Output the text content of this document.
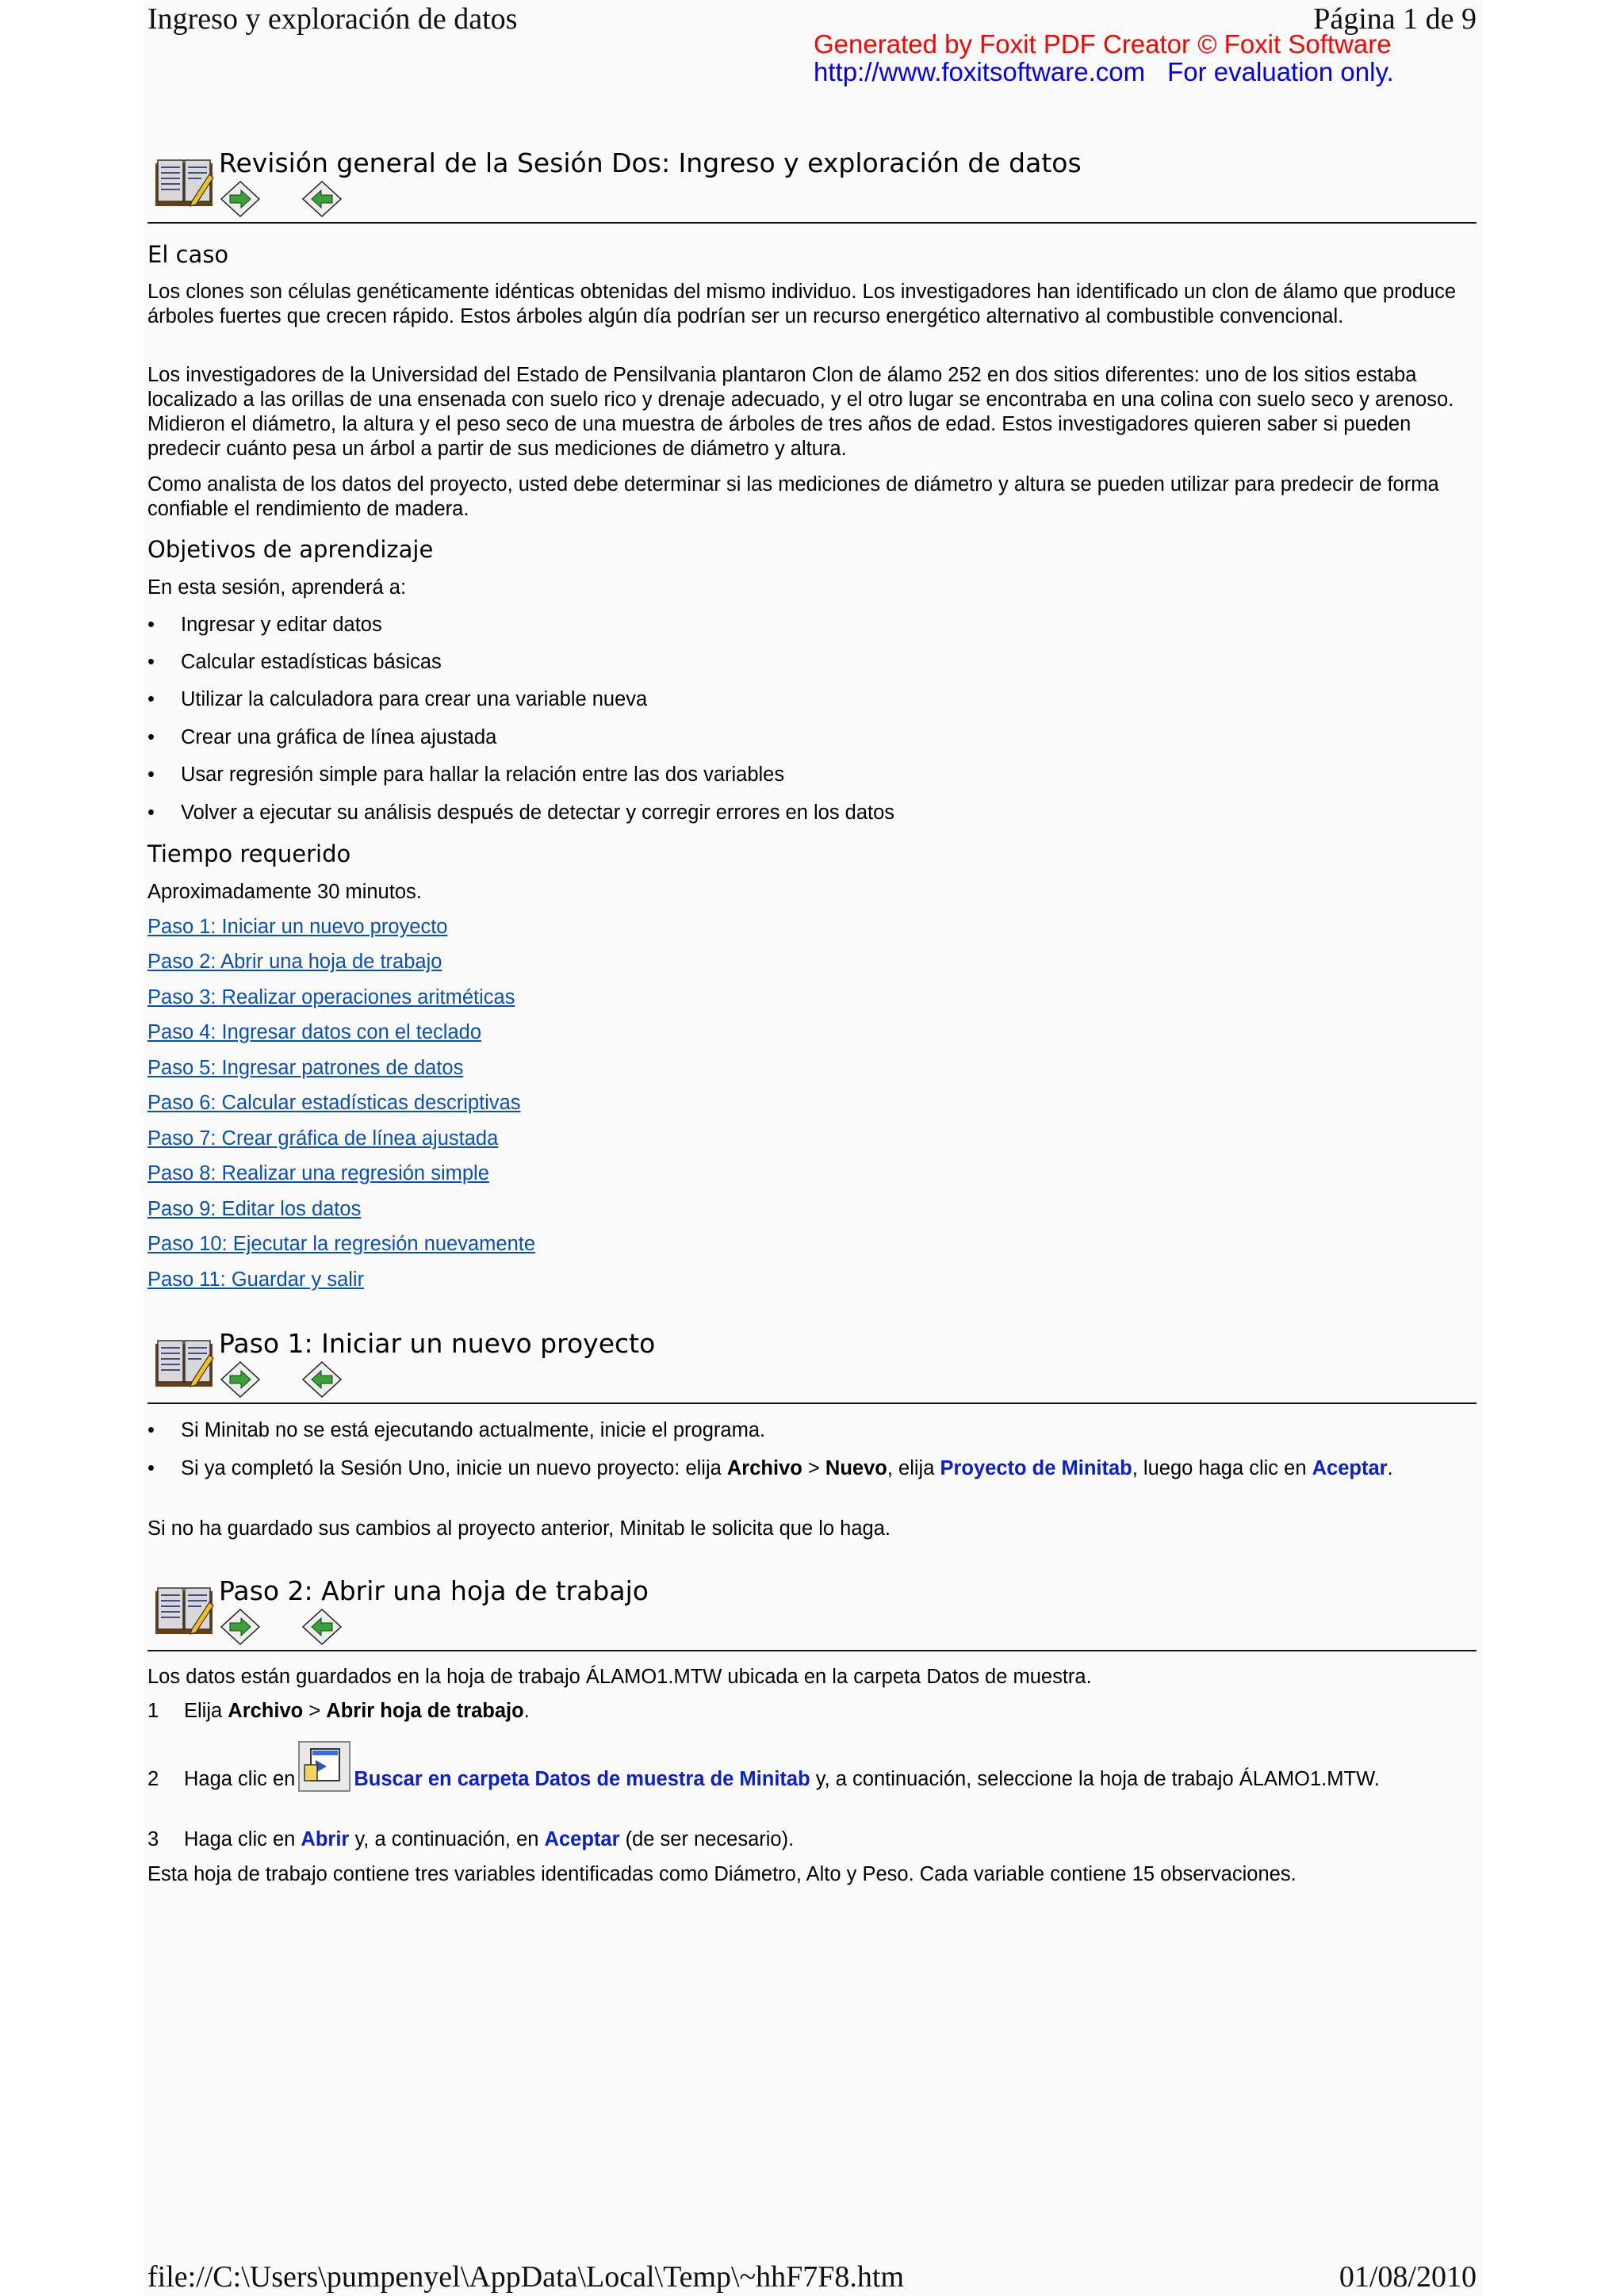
Ingreso y exploración de datos	Página 1 de 9
Generated by Foxit PDF Creator © Foxit Software
http://www.foxitsoftware.com For evaluation only.
Revisión general de la Sesión Dos: Ingreso y exploración de datos
El caso
Los clones son células genéticamente idénticas obtenidas del mismo individuo. Los investigadores han identificado un clon de álamo que produce árboles fuertes que crecen rápido. Estos árboles algún día podrían ser un recurso energético alternativo al combustible convencional.
Los investigadores de la Universidad del Estado de Pensilvania plantaron Clon de álamo 252 en dos sitios diferentes: uno de los sitios estaba localizado a las orillas de una ensenada con suelo rico y drenaje adecuado, y el otro lugar se encontraba en una colina con suelo seco y arenoso. Midieron el diámetro, la altura y el peso seco de una muestra de árboles de tres años de edad. Estos investigadores quieren saber si pueden predecir cuánto pesa un árbol a partir de sus mediciones de diámetro y altura.
Como analista de los datos del proyecto, usted debe determinar si las mediciones de diámetro y altura se pueden utilizar para predecir de forma confiable el rendimiento de madera.
Objetivos de aprendizaje
En esta sesión, aprenderá a:
• Ingresar y editar datos
• Calcular estadísticas básicas
• Utilizar la calculadora para crear una variable nueva
• Crear una gráfica de línea ajustada
• Usar regresión simple para hallar la relación entre las dos variables
• Volver a ejecutar su análisis después de detectar y corregir errores en los datos
Tiempo requerido
Aproximadamente 30 minutos.
Paso 1: Iniciar un nuevo proyecto
Paso 2: Abrir una hoja de trabajo
Paso 3: Realizar operaciones aritméticas
Paso 4: Ingresar datos con el teclado
Paso 5: Ingresar patrones de datos
Paso 6: Calcular estadísticas descriptivas
Paso 7: Crear gráfica de línea ajustada
Paso 8: Realizar una regresión simple
Paso 9: Editar los datos
Paso 10: Ejecutar la regresión nuevamente
Paso 11: Guardar y salir
Paso 1: Iniciar un nuevo proyecto
• Si Minitab no se está ejecutando actualmente, inicie el programa.
• Si ya completó la Sesión Uno, inicie un nuevo proyecto: elija Archivo > Nuevo, elija Proyecto de Minitab, luego haga clic en Aceptar.
Si no ha guardado sus cambios al proyecto anterior, Minitab le solicita que lo haga.
Paso 2: Abrir una hoja de trabajo
Los datos están guardados en la hoja de trabajo ÁLAMO1.MTW ubicada en la carpeta Datos de muestra.
1 Elija Archivo > Abrir hoja de trabajo.
2 Haga clic en	Buscar en carpeta Datos de muestra de Minitab y, a continuación, seleccione la hoja de trabajo ÁLAMO1.MTW.
3 Haga clic en Abrir y, a continuación, en Aceptar (de ser necesario).
Esta hoja de trabajo contiene tres variables identificadas como Diámetro, Alto y Peso. Cada variable contiene 15 observaciones.
file://C:\Users\pumpenyel\AppData\Local\Temp\~hhF7F8.htm	01/08/2010
